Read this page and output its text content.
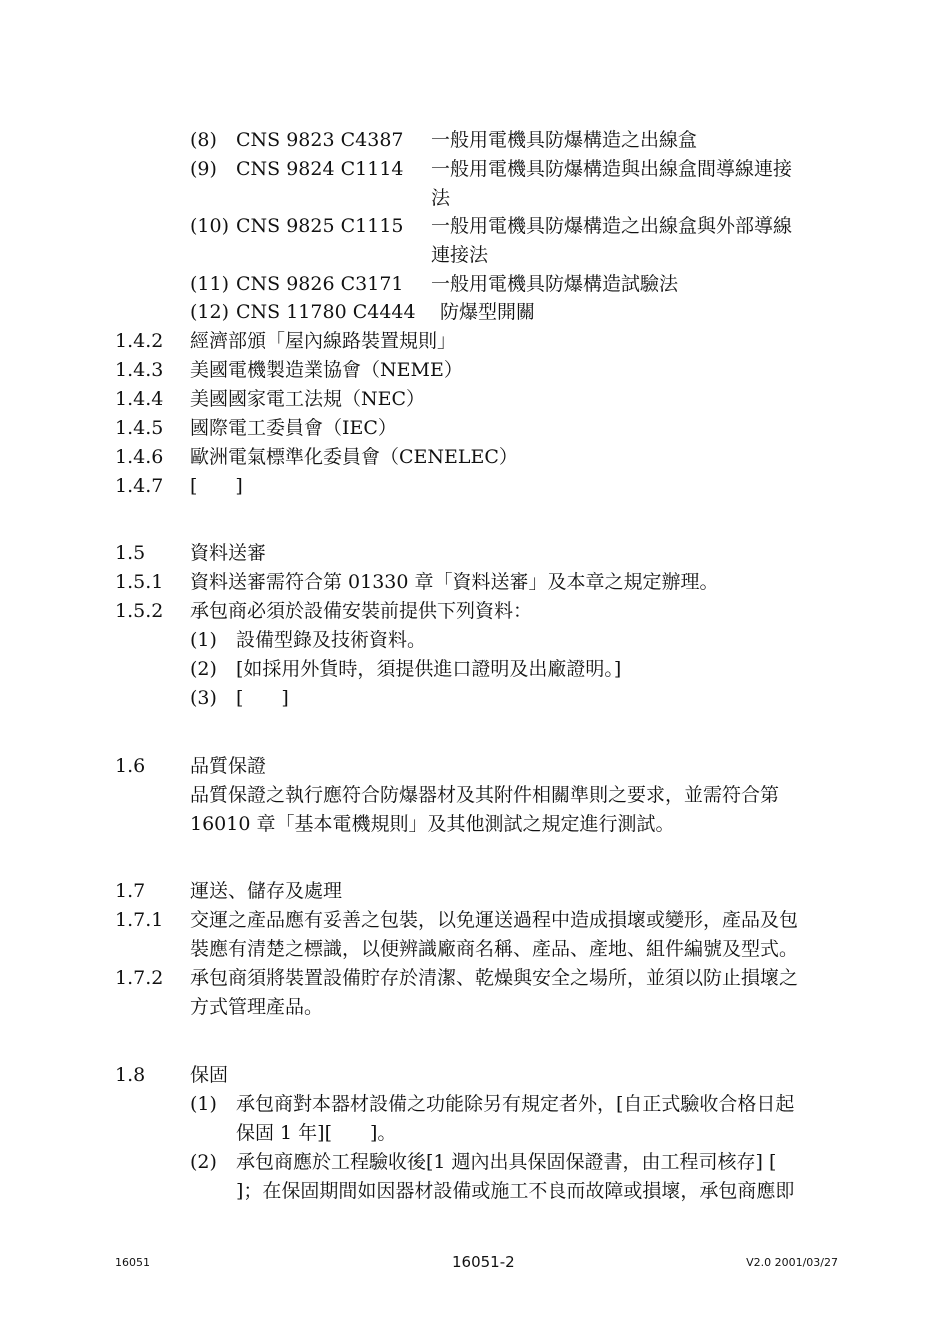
(8) CNS 9823 C4387 一般用電機具防爆構造之出線盒
(9) CNS 9824 C1114 一般用電機具防爆構造與出線盒間導線連接
法
(10) CNS 9825 C1115 一般用電機具防爆構造之出線盒與外部導線
連接法
(11) CNS 9826 C3171 一般用電機具防爆構造試驗法
(12) CNS 11780 C4444 防爆型開關
1.4.2 經濟部頒「屋內線路裝置規則」
1.4.3 美國電機製造業協會（NEME）
1.4.4 美國國家電工法規（NEC）
1.4.5 國際電工委員會（IEC）
1.4.6 歐洲電氣標準化委員會（CENELEC）
1.4.7 [　　]
1.5 資料送審
1.5.1 資料送審需符合第 01330 章「資料送審」及本章之規定辦理。
1.5.2 承包商必須於設備安裝前提供下列資料：
(1) 設備型錄及技術資料。
(2) [如採用外貨時，須提供進口證明及出廠證明。]
(3) [　　]
1.6 品質保證
品質保證之執行應符合防爆器材及其附件相關準則之要求，並需符合第
16010 章「基本電機規則」及其他測試之規定進行測試。
1.7 運送、儲存及處理
1.7.1 交運之產品應有妥善之包裝，以免運送過程中造成損壞或變形，產品及包
裝應有清楚之標識，以便辨識廠商名稱、產品、產地、組件編號及型式。
1.7.2 承包商須將裝置設備貯存於清潔、乾燥與安全之場所，並須以防止損壞之
方式管理產品。
1.8 保固
(1) 承包商對本器材設備之功能除另有規定者外，[自正式驗收合格日起
保固 1 年][　　]。
(2) 承包商應於工程驗收後[1 週內出具保固保證書，由工程司核存] [
]；在保固期間如因器材設備或施工不良而故障或損壞，承包商應即
16051	16051-2	V2.0 2001/03/27
